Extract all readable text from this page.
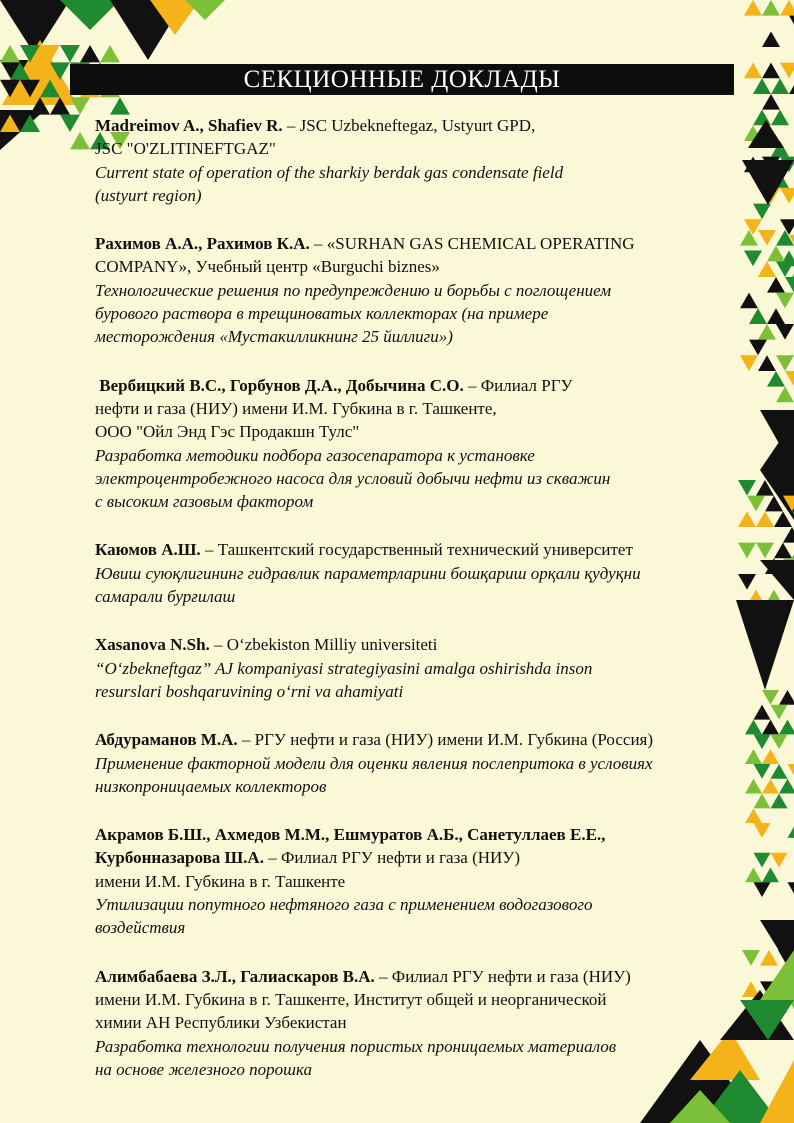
СЕКЦИОННЫЕ ДОКЛАДЫ
Madreimov A., Shafiev R. – JSC Uzbekneftegaz, Ustyurt GPD,
JSC "O'ZLITINEFTGAZ"
Current state of operation of the sharkiy berdak gas condensate field
(ustyurt region)
Рахимов А.А., Рахимов К.А. – «SURHAN GAS CHEMICAL OPERATING
COMPANY», Учебный центр «Burguchi biznes»
Технологические решения по предупреждению и борьбы с поглощением
бурового раствора в трещиноватых коллекторах (на примере
месторождения «Мустакилликнинг 25 йиллиги»)
Вербицкий В.С., Горбунов Д.А., Добычина С.О. – Филиал РГУ
нефти и газа (НИУ) имени И.М. Губкина в г. Ташкенте,
ООО "Ойл Энд Гэс Продакшн Тулс"
Разработка методики подбора газосепаратора к установке
электроцентробежного насоса для условий добычи нефти из скважин
с высоким газовым фактором
Каюмов А.Ш. – Ташкентский государственный технический университет
Ювиш суюқлигининг гидравлик параметрларини бошқариш орқали қудуқни
самарали бурғилаш
Xasanova N.Sh. – O‘zbekiston Milliy universiteti
“O‘zbekneftgaz” AJ kompaniyasi strategiyasini amalga oshirishda inson
resurslari boshqaruvining o‘rni va ahamiyati
Абдураманов М.А. – РГУ нефти и газа (НИУ) имени И.М. Губкина (Россия)
Применение факторной модели для оценки явления послепритока в условиях
низкопроницаемых коллекторов
Акрамов Б.Ш., Ахмедов М.М., Ешмуратов А.Б., Санетуллаев Е.Е.,
Курбонназарова Ш.А. – Филиал РГУ нефти и газа (НИУ)
имени И.М. Губкина в г. Ташкенте
Утилизации попутного нефтяного газа с применением водогазового
воздействия
Алимбабаева З.Л., Галиаскаров В.А. – Филиал РГУ нефти и газа (НИУ)
имени И.М. Губкина в г. Ташкенте, Институт общей и неорганической
химии АН Республики Узбекистан
Разработка технологии получения пористых проницаемых материалов
на основе железного порошка
